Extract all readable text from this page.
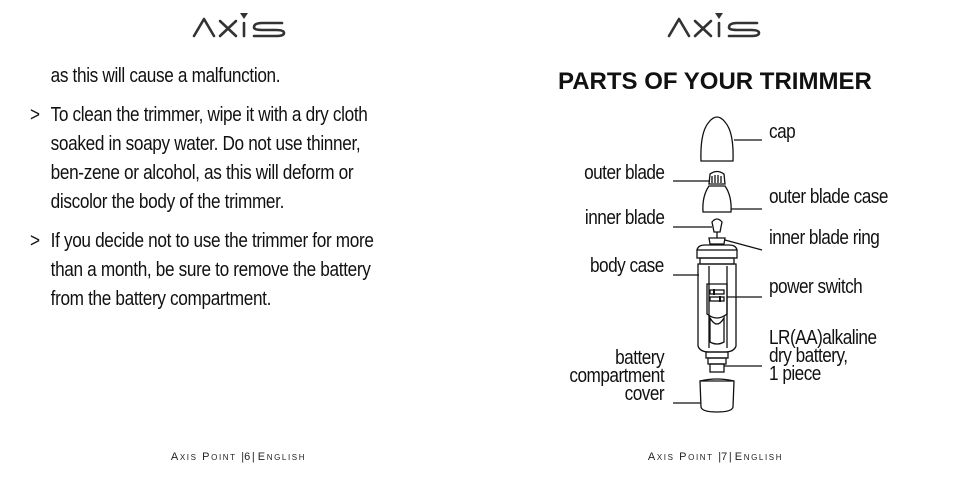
as this will cause a malfunction.

> To clean the trimmer, wipe it with a dry cloth soaked in soapy water. Do not use thinner, ben-zene or alcohol, as this will deform or discolor the body of the trimmer.

> If you decide not to use the trimmer for more than a month, be sure to remove the battery from the battery compartment.

Axis Point |6| English
PARTS OF YOUR TRIMMER
cap
outer blade
outer blade case
inner blade
inner blade ring
body case
power switch
LR(AA)alkaline
dry battery,
1 piece
battery
compartment
cover
Axis Point |7| English
